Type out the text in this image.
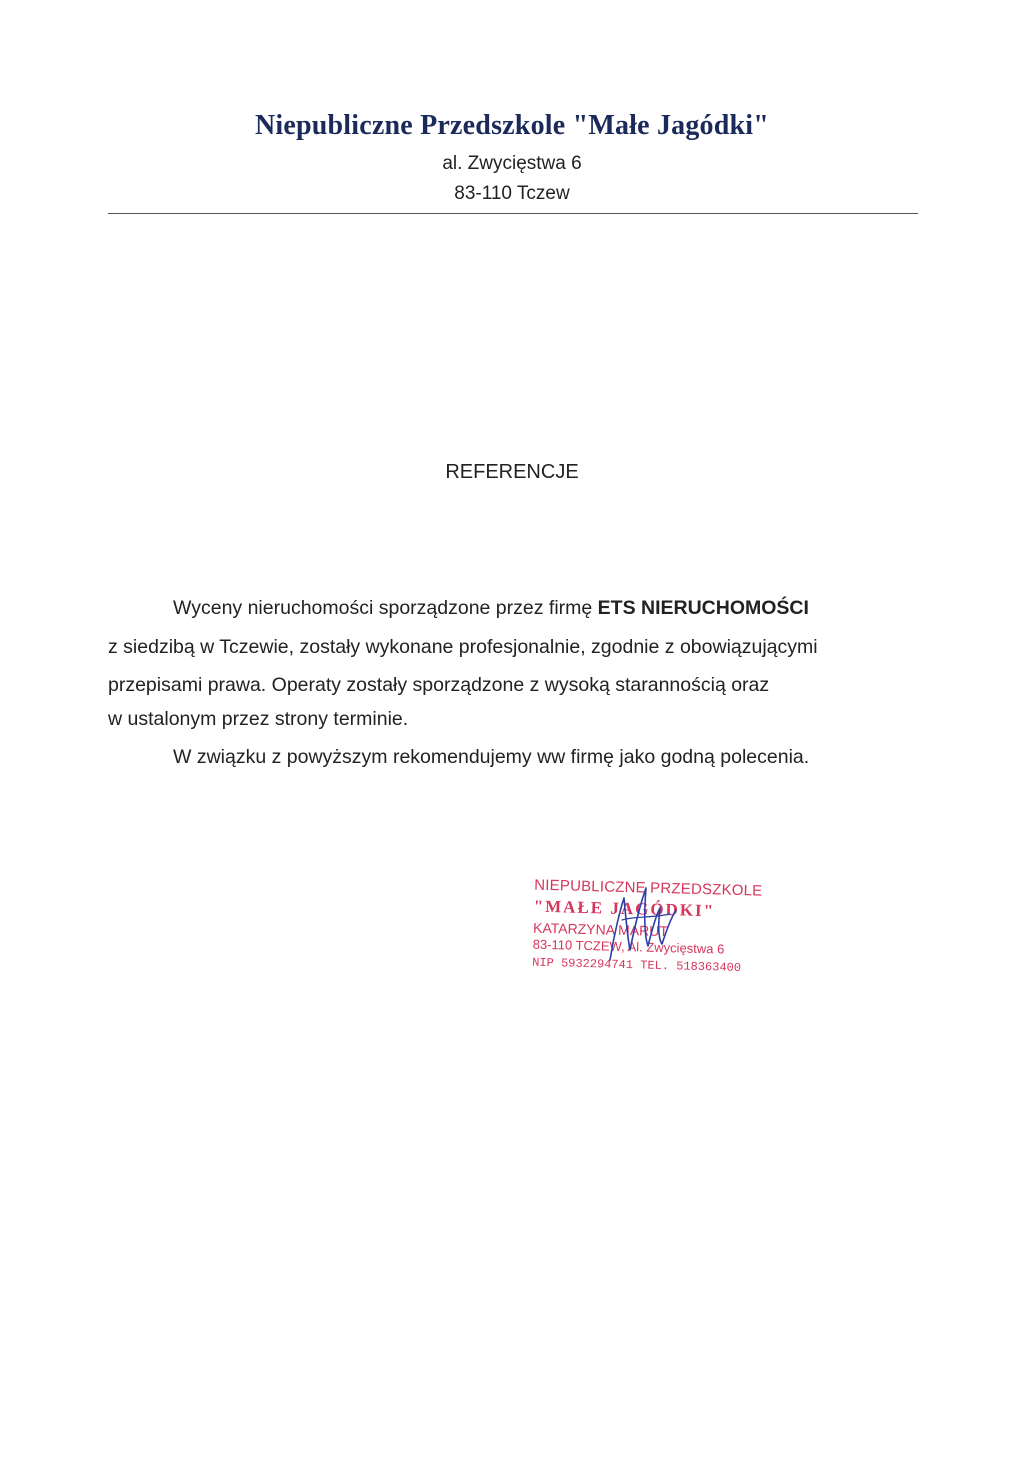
Niepubliczne Przedszkole "Małe Jagódki"
al. Zwycięstwa 6
83-110 Tczew
REFERENCJE
Wyceny nieruchomości sporządzone przez firmę ETS NIERUCHOMOŚCI
z siedzibą w Tczewie, zostały wykonane profesjonalnie, zgodnie z obowiązującymi
przepisami prawa. Operaty zostały sporządzone z wysoką starannością oraz
w ustalonym przez strony terminie.
W związku z powyższym rekomendujemy ww firmę jako godną polecenia.
NIEPUBLICZNE PRZEDSZKOLE
"MAŁE JAGÓDKI"
KATARZYNA MARUT
83-110 TCZEW, Al. Zwycięstwa 6
NIP 5932294741 TEL. 518363400
